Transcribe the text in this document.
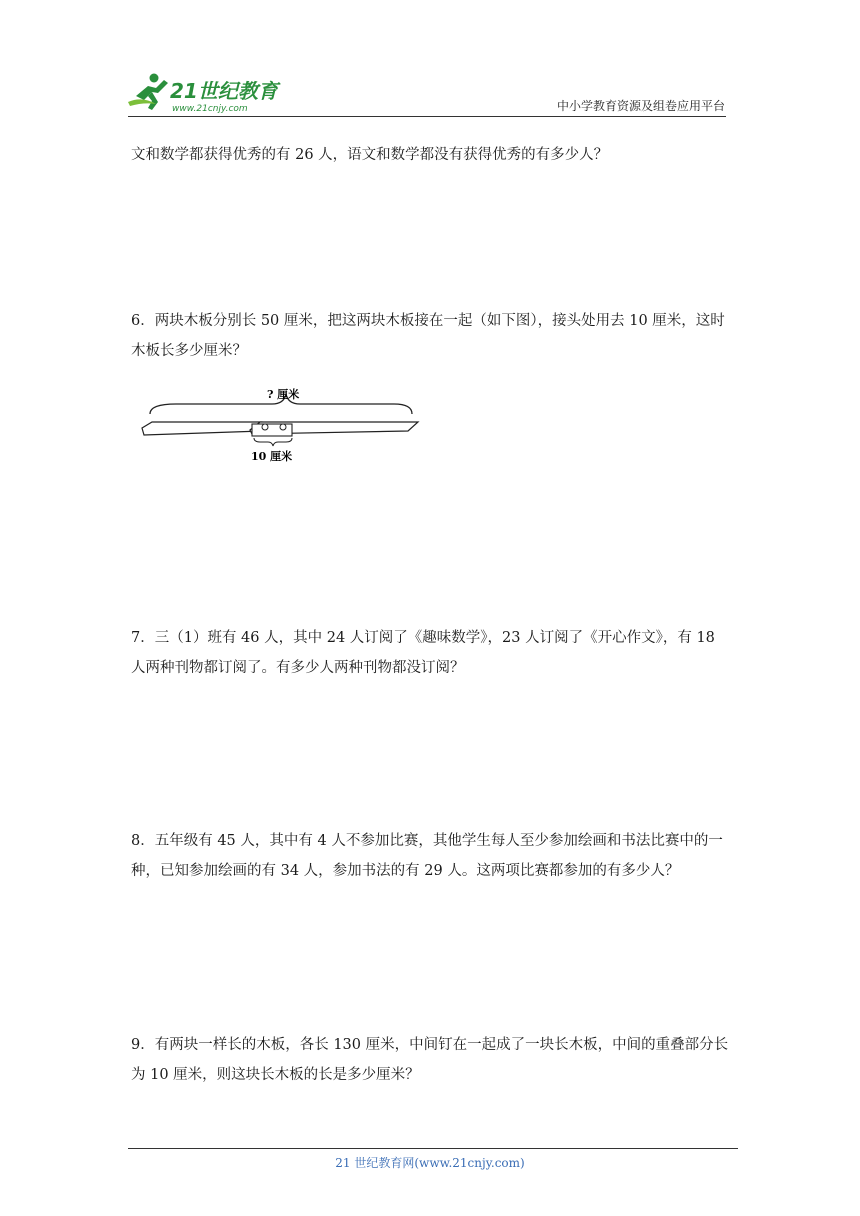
21世纪教育
www.21cnjy.com	中小学教育资源及组卷应用平台

文和数学都获得优秀的有 26 人，语文和数学都没有获得优秀的有多少人？

6．两块木板分别长 50 厘米，把这两块木板接在一起（如下图），接头处用去 10 厘米，这时木板长多少厘米？

? 厘米
10 厘米

7．三（1）班有 46 人，其中 24 人订阅了《趣味数学》，23 人订阅了《开心作文》，有 18 人两种刊物都订阅了。有多少人两种刊物都没订阅？

8．五年级有 45 人，其中有 4 人不参加比赛，其他学生每人至少参加绘画和书法比赛中的一种，已知参加绘画的有 34 人，参加书法的有 29 人。这两项比赛都参加的有多少人？

9．有两块一样长的木板，各长 130 厘米，中间钉在一起成了一块长木板，中间的重叠部分长为 10 厘米，则这块长木板的长是多少厘米？

21 世纪教育网(www.21cnjy.com)
